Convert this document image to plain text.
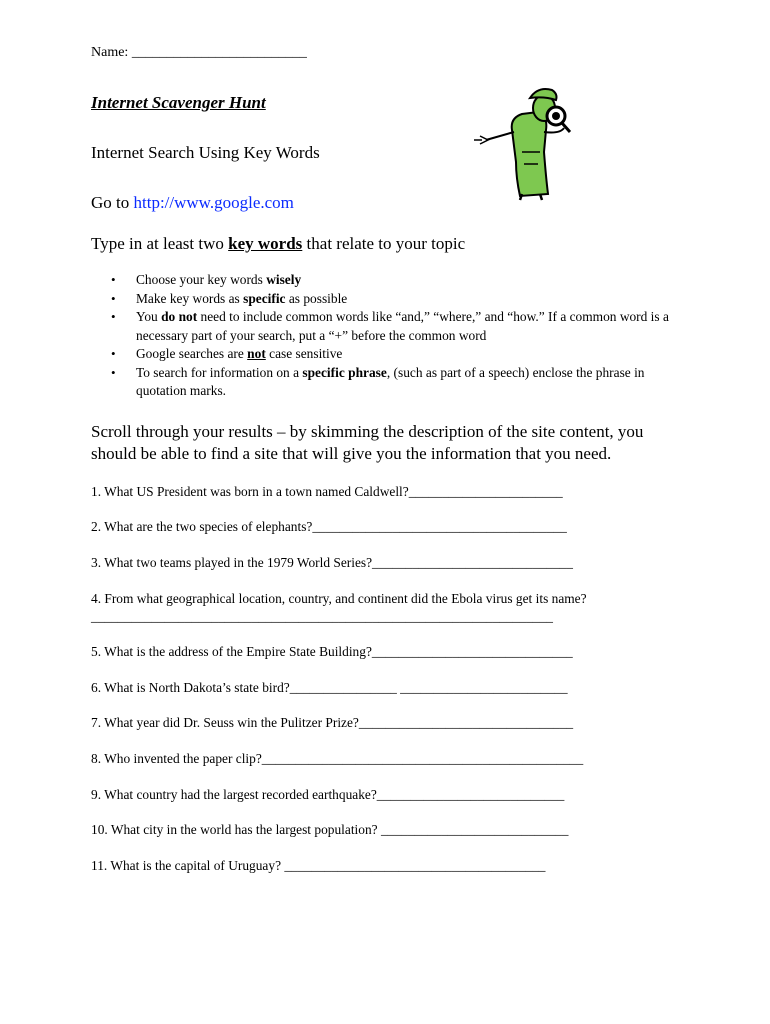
Name: _________________________
Internet Scavenger Hunt
Internet Search Using Key Words
Go to http://www.google.com
Type in at least two key words that relate to your topic
• Choose your key words wisely
• Make key words as specific as possible
• You do not need to include common words like “and,” “where,” and “how.” If a common word is a necessary part of your search, put a “+” before the common word
• Google searches are not case sensitive
• To search for information on a specific phrase, (such as part of a speech) enclose the phrase in quotation marks.
Scroll through your results – by skimming the description of the site content, you should be able to find a site that will give you the information that you need.
1. What US President was born in a town named Caldwell?_______________________
2. What are the two species of elephants?______________________________________
3. What two teams played in the 1979 World Series?______________________________
4. From what geographical location, country, and continent did the Ebola virus get its name?_____________________________________________________________________
5. What is the address of the Empire State Building?______________________________
6. What is North Dakota’s state bird?________________ _________________________
7. What year did Dr. Seuss win the Pulitzer Prize?________________________________
8. Who invented the paper clip?________________________________________________
9. What country had the largest recorded earthquake?____________________________
10. What city in the world has the largest population? ____________________________
11. What is the capital of Uruguay? _______________________________________
